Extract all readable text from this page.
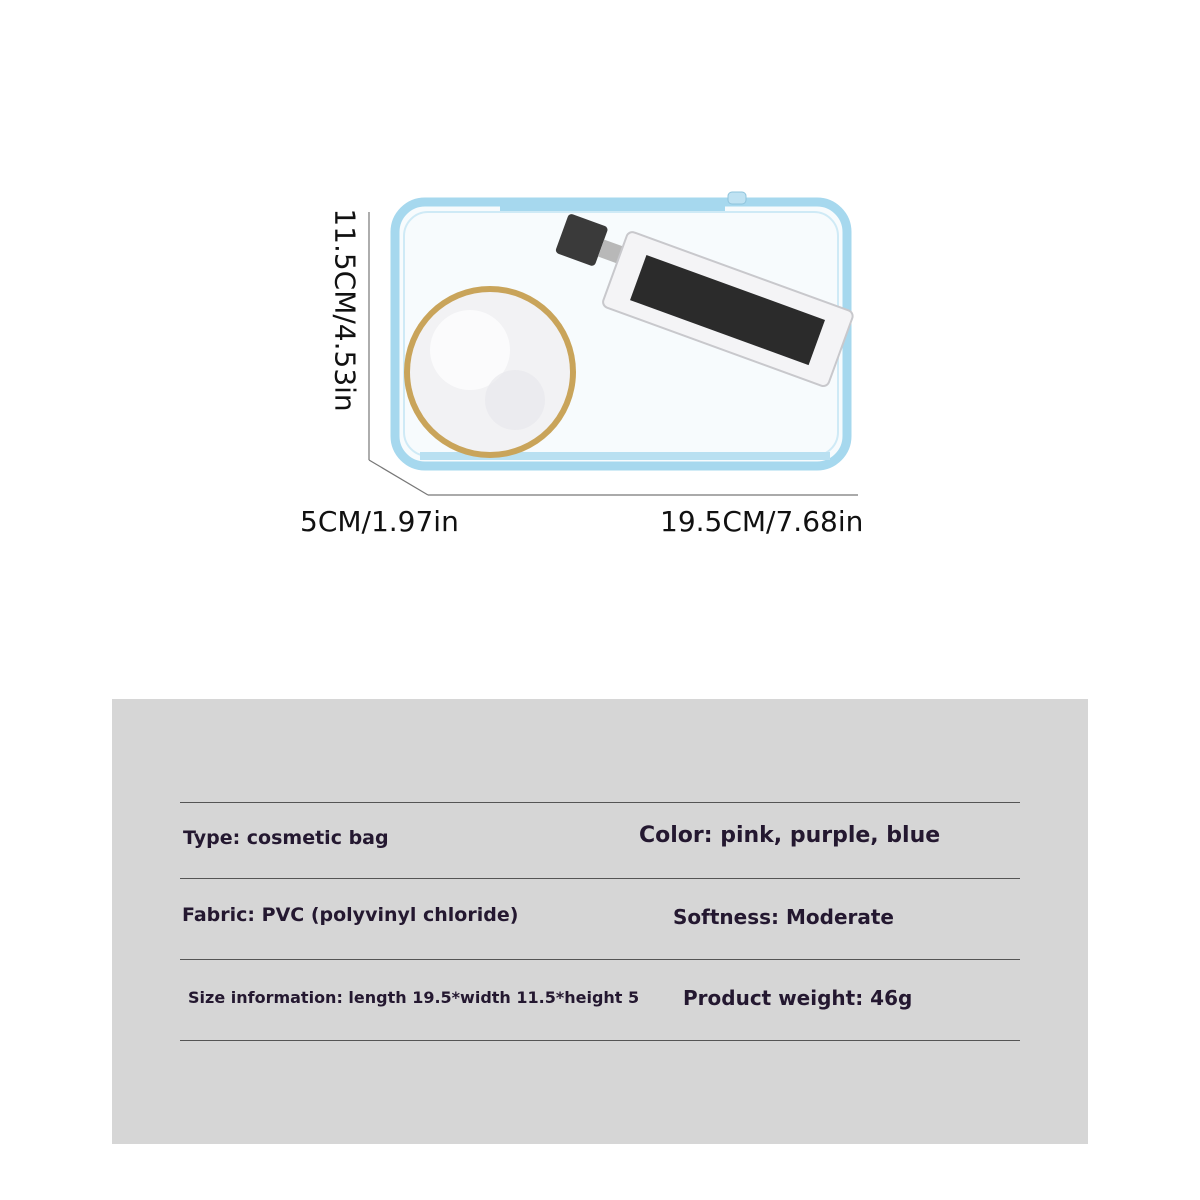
11.5CM/4.53in
5CM/1.97in	19.5CM/7.68in
Type: cosmetic bag	Color: pink, purple, blue
Fabric: PVC (polyvinyl chloride)	Softness: Moderate
Size information: length 19.5*width 11.5*height 5 Product weight: 46g
